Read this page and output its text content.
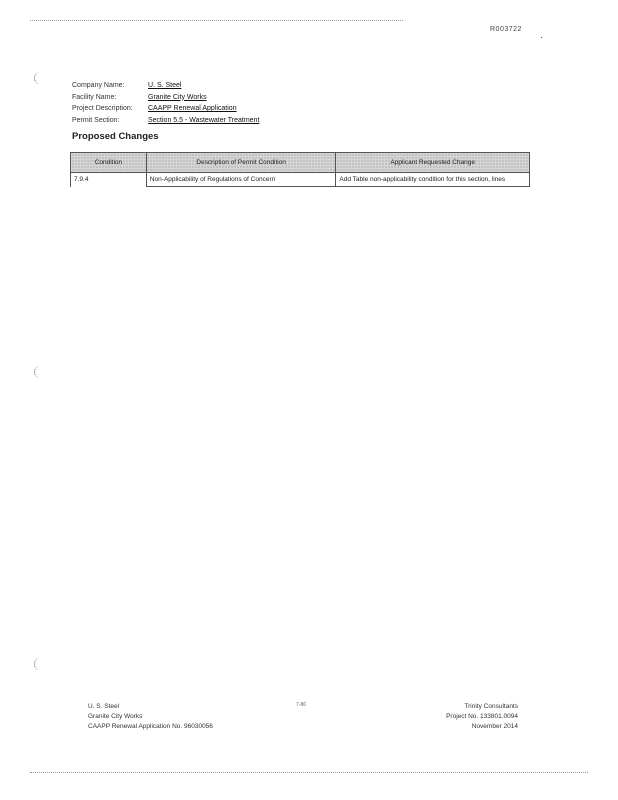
R003722
·
Company Name:	U. S. Steel
Facility Name:	Granite City Works
Project Description:	CAAPP Renewal Application
Permit Section:	Section 5.5 - Wastewater Treatment
Proposed Changes
Condition	Description of Permit Condition	Applicant Requested Change
7.9.4	Non-Applicability of Regulations of Concern	Add Table non-applicability condition for this section, lines
7-86
U. S. Steel
Granite City Works
CAAPP Renewal Application No. 96030056
Trinity Consultants
Project No. 133801.0094
November 2014
